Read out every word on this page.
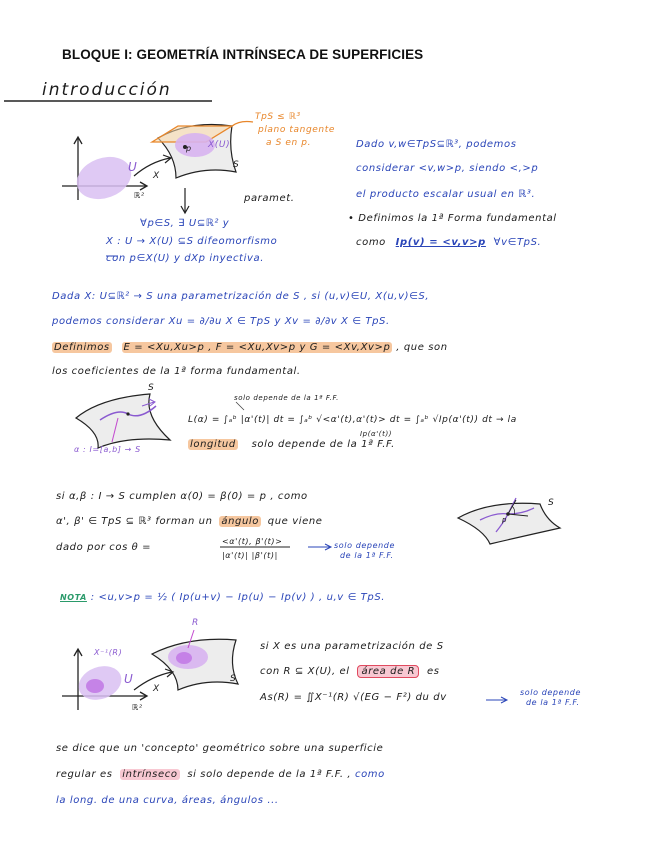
BLOQUE I: GEOMETRÍA INTRÍNSECA DE SUPERFICIES
introducción
TpS ≤ ℝ³
plano tangente
a S en p.
X(U)
S
p
U
X
ℝ²	paramet.
∀p∈S, ∃ U⊆ℝ² y
X : U → X(U) ⊆S difeomorfismo
con p∈X(U) y dXp inyectiva.
Dado v,w∈TpS⊆ℝ³, podemos
considerar <v,w>p, siendo <,>p
el producto escalar usual en ℝ³.
• Definimos la 1ª Forma fundamental
como Ip(v) = <v,v>p ∀v∈TpS.
Dada X: U⊆ℝ² → S una parametrización de S , si (u,v)∈U, X(u,v)∈S,
podemos considerar Xu = ∂/∂u X ∈ TpS y Xv = ∂/∂v X ∈ TpS.
Definimos E = <Xu,Xu>p , F = <Xu,Xv>p y G = <Xv,Xv>p , que son
los coeficientes de la 1ª forma fundamental.
S
α : I=[a,b] → S
solo depende de la 1ª F.F.
L(α) = ∫ₐᵇ |α'(t)| dt = ∫ₐᵇ √<α'(t),α'(t)> dt = ∫ₐᵇ √Ip(α'(t)) dt → la
Ip(α'(t))
longitud solo depende de la 1ª F.F.
si α,β : I → S cumplen α(0) = β(0) = p , como
α', β' ∈ TpS ⊆ ℝ³ forman un ángulo que viene
dado por cos θ =
<α'(t), β'(t)>
|α'(t)| |β'(t)|
solo depende
de la 1ª F.F.
S
p
NOTA : <u,v>p = ½ ( Ip(u+v) − Ip(u) − Ip(v) ) , u,v ∈ TpS.
R
X⁻¹(R)
U	S
X
ℝ²
si X es una parametrización de S
con R ⊆ X(U), el área de R es
As(R) = ∬X⁻¹(R) √(EG − F²) du dv	solo depende
de la 1ª F.F.
se dice que un 'concepto' geométrico sobre una superficie
regular es intrínseco si solo depende de la 1ª F.F. , como
la long. de una curva, áreas, ángulos ...
